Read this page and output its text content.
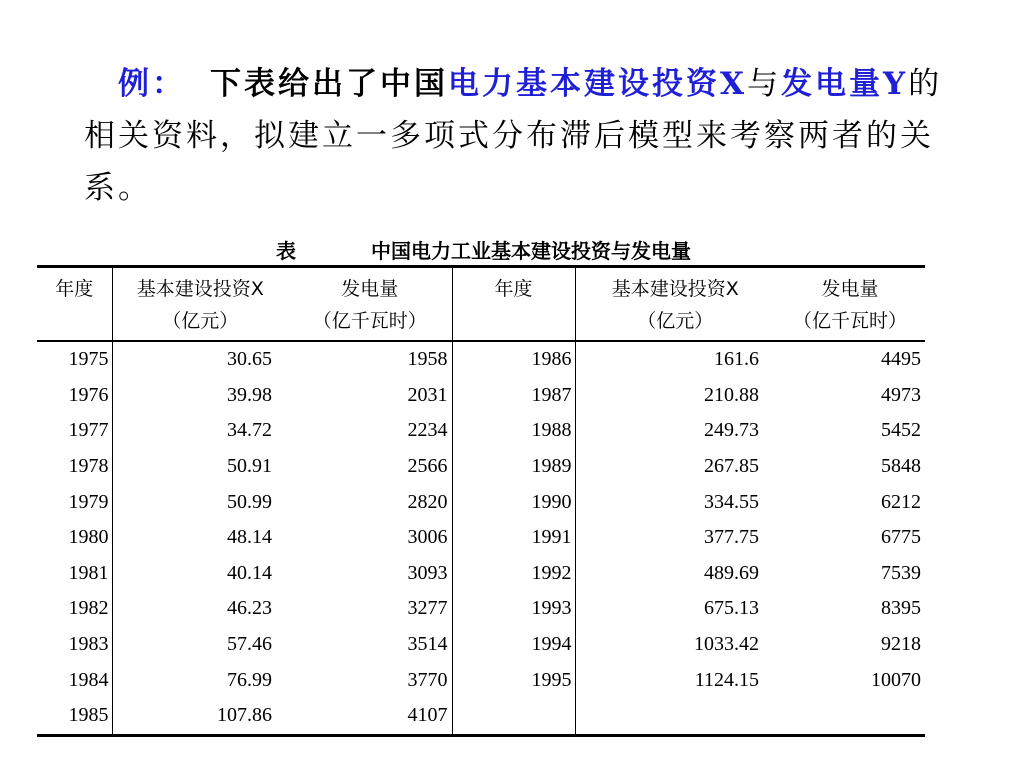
例： 下表给出了中国电力基本建设投资X与发电量Y的相关资料，拟建立一多项式分布滞后模型来考察两者的关系。
表	中国电力工业基本建设投资与发电量
年度	基本建设投资X	发电量	年度	基本建设投资X	发电量
	（亿元）	（亿千瓦时）		（亿元）	（亿千瓦时）
1975	30.65	1958	1986	161.6	4495
1976	39.98	2031	1987	210.88	4973
1977	34.72	2234	1988	249.73	5452
1978	50.91	2566	1989	267.85	5848
1979	50.99	2820	1990	334.55	6212
1980	48.14	3006	1991	377.75	6775
1981	40.14	3093	1992	489.69	7539
1982	46.23	3277	1993	675.13	8395
1983	57.46	3514	1994	1033.42	9218
1984	76.99	3770	1995	1124.15	10070
1985	107.86	4107			
